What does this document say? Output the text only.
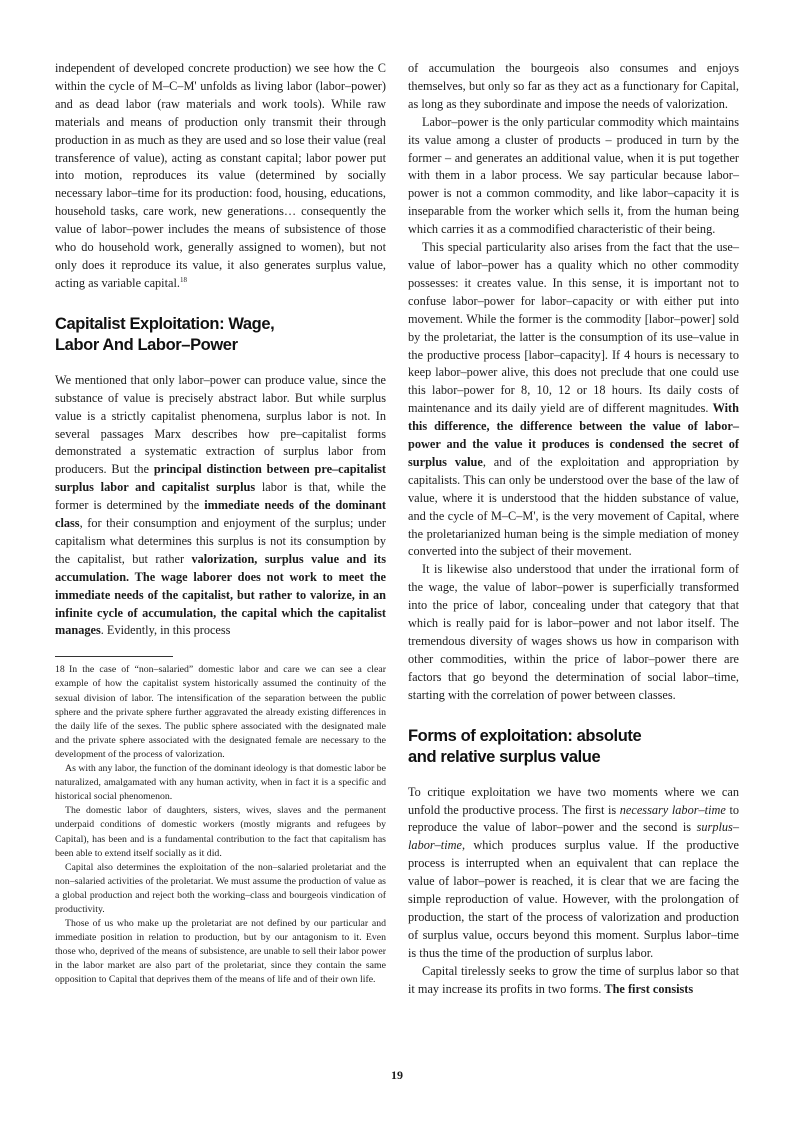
independent of developed concrete production) we see how the C within the cycle of M–C–M' unfolds as living labor (labor–power) and as dead labor (raw materials and work tools). While raw materials and means of production only transmit their through production in as much as they are used and so lose their value (real transference of value), acting as constant capital; labor power put into motion, reproduces its value (determined by socially necessary labor–time for its production: food, housing, educations, household tasks, care work, new generations… consequently the value of labor–power includes the means of subsistence of those who do household work, generally assigned to women), but not only does it reproduce its value, it also generates surplus value, acting as variable capital.$^{18}$

Capitalist Exploitation: Wage,
Labor And Labor–Power

We mentioned that only labor–power can produce value, since the substance of value is precisely abstract labor. But while surplus value is a strictly capitalist phenomena, surplus labor is not. In several passages Marx describes how pre–capitalist forms demonstrated a systematic extraction of surplus labor from producers. But the principal distinction between pre–capitalist surplus labor and capitalist surplus labor is that, while the former is determined by the immediate needs of the dominant class, for their consumption and enjoyment of the surplus; under capitalism what determines this surplus is not its consumption by the capitalist, but rather valorization, surplus value and its accumulation. The wage laborer does not work to meet the immediate needs of the capitalist, but rather to valorize, in an infinite cycle of accumulation, the capital which the capitalist manages. Evidently, in this process

18 In the case of “non–salaried” domestic labor and care we can see a clear example of how the capitalist system historically assumed the continuity of the sexual division of labor. The intensification of the separation between the public sphere and the private sphere further aggravated the already existing differences in the daily life of the sexes. The public sphere associated with the designated male and the private sphere associated with the designated female are necessary to the development of the process of valorization.

As with any labor, the function of the dominant ideology is that domestic labor be naturalized, amalgamated with any human activity, when in fact it is a specific and historical social phenomenon.

The domestic labor of daughters, sisters, wives, slaves and the permanent underpaid conditions of domestic workers (mostly migrants and refugees by Capital), has been and is a fundamental contribution to the fact that capitalism has been able to extend itself socially as it did.

Capital also determines the exploitation of the non–salaried proletariat and the non–salaried activities of the proletariat. We must assume the production of value as a global production and reject both the working–class and bourgeois vindication of productivity.

Those of us who make up the proletariat are not defined by our particular and immediate position in relation to production, but by our antagonism to it. Even those who, deprived of the means of subsistence, are unable to sell their labor power in the labor market are also part of the proletariat, since they contain the same opposition to Capital that deprives them of the means of life and of their own life.

of accumulation the bourgeois also consumes and enjoys themselves, but only so far as they act as a functionary for Capital, as long as they subordinate and impose the needs of valorization.

Labor–power is the only particular commodity which maintains its value among a cluster of products – produced in turn by the former – and generates an additional value, when it is put together with them in a labor process. We say particular because labor–power is not a common commodity, and like labor–capacity it is inseparable from the worker which sells it, from the human being which carries it as a commodified characteristic of their being.

This special particularity also arises from the fact that the use–value of labor–power has a quality which no other commodity possesses: it creates value. In this sense, it is important not to confuse labor–power for labor–capacity or with either put into movement. While the former is the commodity [labor–power] sold by the proletariat, the latter is the consumption of its use–value in the productive process [labor–capacity]. If 4 hours is necessary to keep labor–power alive, this does not preclude that one could use this labor–power for 8, 10, 12 or 18 hours. Its daily costs of maintenance and its daily yield are of different magnitudes. With this difference, the difference between the value of labor–power and the value it produces is condensed the secret of surplus value, and of the exploitation and appropriation by capitalists. This can only be understood over the base of the law of value, where it is understood that the hidden substance of value, and the cycle of M–C–M', is the very movement of Capital, where the proletarianized human being is the simple mediation of money converted into the subject of their movement.

It is likewise also understood that under the irrational form of the wage, the value of labor–power is superficially transformed into the price of labor, concealing under that category that that which is really paid for is labor–power and not labor itself. The tremendous diversity of wages shows us how in comparison with other commodities, within the price of labor–power there are factors that go beyond the determination of social labor–time, starting with the correlation of power between classes.

Forms of exploitation: absolute
and relative surplus value

To critique exploitation we have two moments where we can unfold the productive process. The first is necessary labor–time to reproduce the value of labor–power and the second is surplus–labor–time, which produces surplus value. If the productive process is interrupted when an equivalent that can replace the value of labor–power is reached, it is clear that we are facing the simple reproduction of value. However, with the prolongation of production, the start of the process of valorization and production of surplus value, occurs beyond this moment. Surplus labor–time is thus the time of the production of surplus labor.

Capital tirelessly seeks to grow the time of surplus labor so that it may increase its profits in two forms. The first consists

19
